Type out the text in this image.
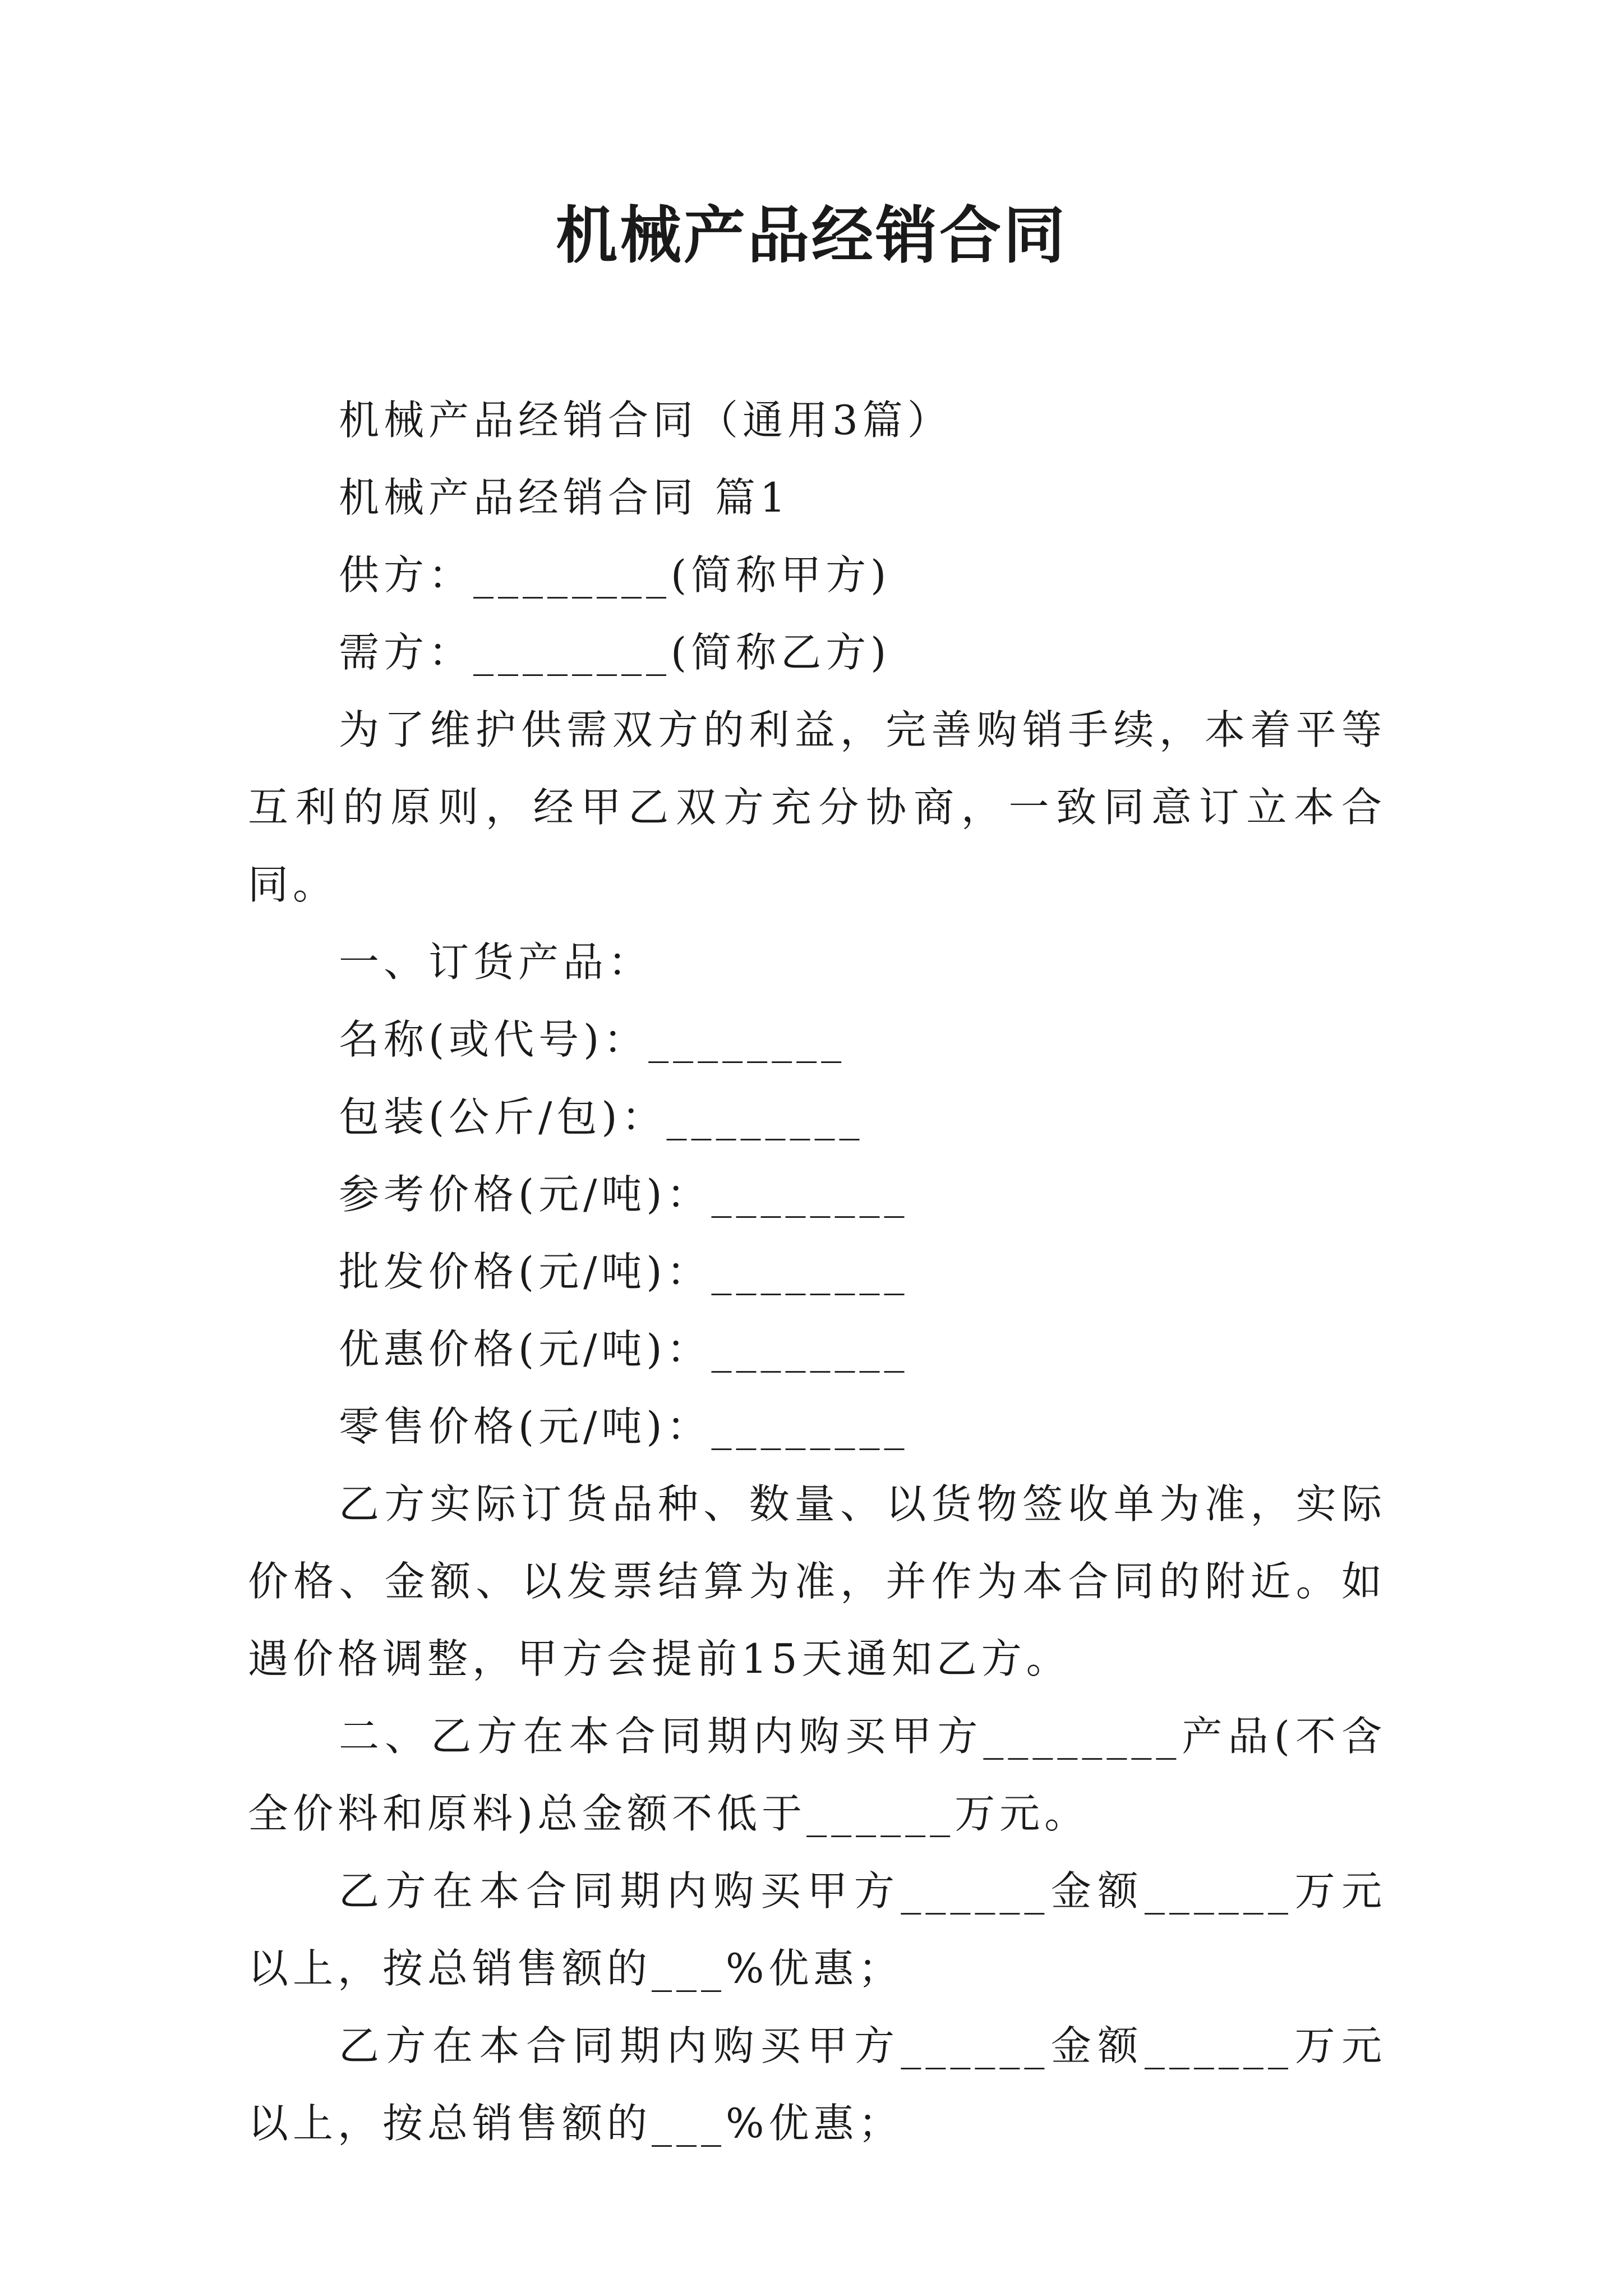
机械产品经销合同

机械产品经销合同（通用3篇）

机械产品经销合同 篇1

供方：________(简称甲方)

需方：________(简称乙方)

为了维护供需双方的利益，完善购销手续，本着平等互利的原则，经甲乙双方充分协商，一致同意订立本合同。

一、订货产品：

名称(或代号)：________

包装(公斤/包)：________

参考价格(元/吨)：________

批发价格(元/吨)：________

优惠价格(元/吨)：________

零售价格(元/吨)：________

乙方实际订货品种、数量、以货物签收单为准，实际价格、金额、以发票结算为准，并作为本合同的附近。如遇价格调整，甲方会提前15天通知乙方。

二、乙方在本合同期内购买甲方________产品(不含全价料和原料)总金额不低于______万元。

乙方在本合同期内购买甲方______金额______万元以上，按总销售额的___%优惠；

乙方在本合同期内购买甲方______金额______万元以上，按总销售额的___%优惠；
